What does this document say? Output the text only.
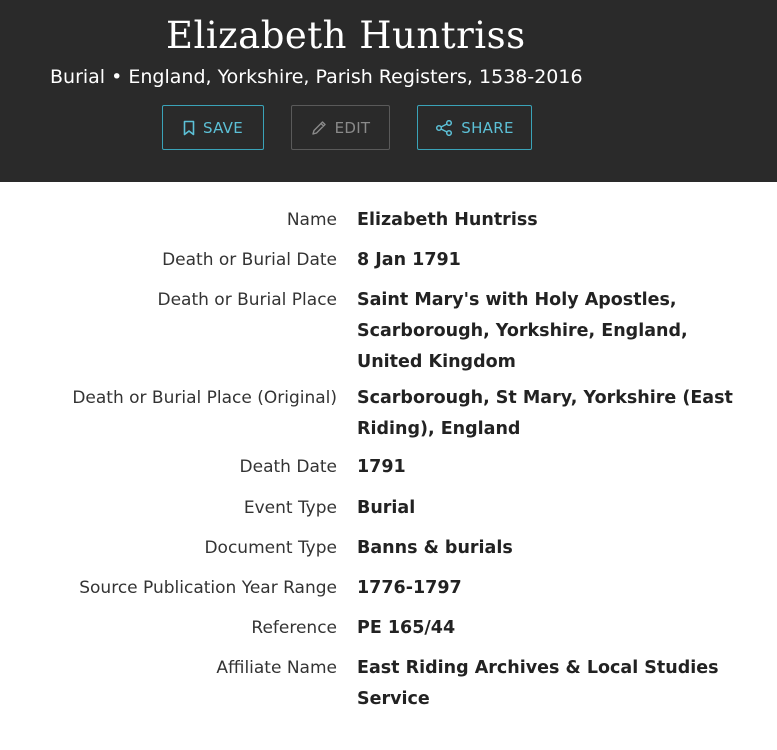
Elizabeth Huntriss
Burial • England, Yorkshire, Parish Registers, 1538-2016
SAVE	EDIT	SHARE
Name Elizabeth Huntriss
Death or Burial Date 8 Jan 1791
Death or Burial Place Saint Mary's with Holy Apostles, Scarborough, Yorkshire, England, United Kingdom
Death or Burial Place (Original) Scarborough, St Mary, Yorkshire (East Riding), England
Death Date 1791
Event Type Burial
Document Type Banns & burials
Source Publication Year Range 1776-1797
Reference PE 165/44
Affiliate Name East Riding Archives & Local Studies Service
